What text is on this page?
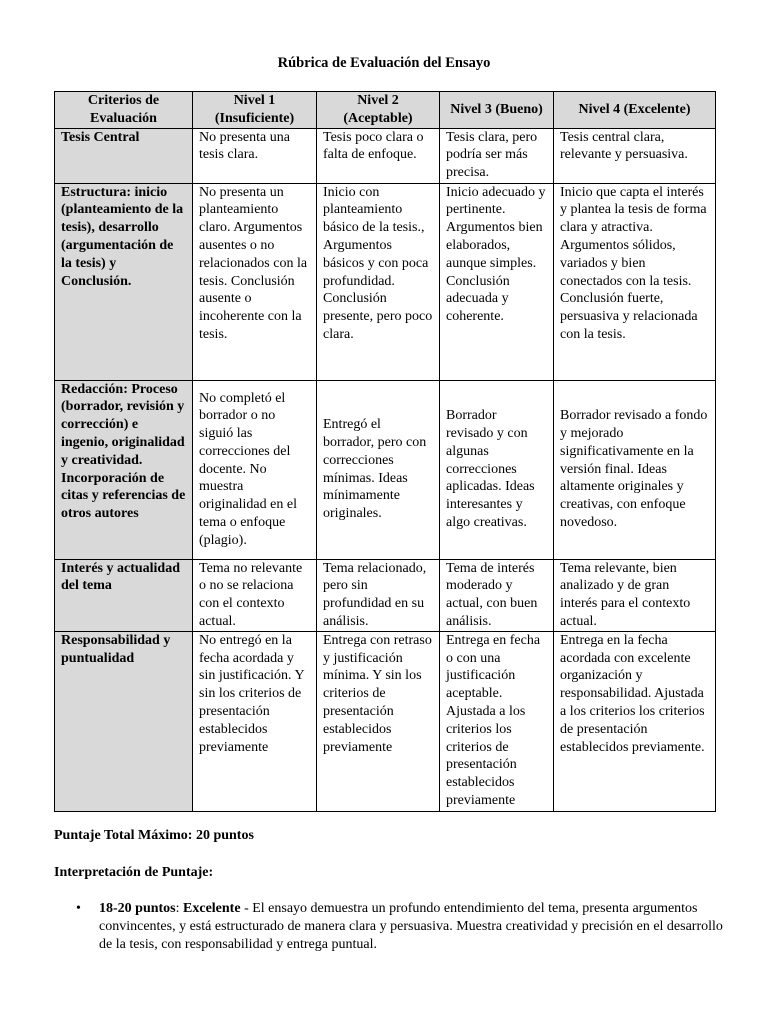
Rúbrica de Evaluación del Ensayo
Criterios de Evaluación	Nivel 1 (Insuficiente)	Nivel 2 (Aceptable)	Nivel 3 (Bueno)	Nivel 4 (Excelente)
Tesis Central	No presenta una tesis clara.	Tesis poco clara o falta de enfoque.	Tesis clara, pero podría ser más precisa.	Tesis central clara, relevante y persuasiva.
Estructura: inicio (planteamiento de la tesis), desarrollo (argumentación de la tesis) y Conclusión.	No presenta un planteamiento claro. Argumentos ausentes o no relacionados con la tesis. Conclusión ausente o incoherente con la tesis.	Inicio con planteamiento básico de la tesis., Argumentos básicos y con poca profundidad. Conclusión presente, pero poco clara.	Inicio adecuado y pertinente. Argumentos bien elaborados, aunque simples. Conclusión adecuada y coherente.	Inicio que capta el interés y plantea la tesis de forma clara y atractiva. Argumentos sólidos, variados y bien conectados con la tesis. Conclusión fuerte, persuasiva y relacionada con la tesis.
Redacción: Proceso (borrador, revisión y corrección) e ingenio, originalidad y creatividad. Incorporación de citas y referencias de otros autores	No completó el borrador o no siguió las correcciones del docente. No muestra originalidad en el tema o enfoque (plagio).	Entregó el borrador, pero con correcciones mínimas. Ideas mínimamente originales.	Borrador revisado y con algunas correcciones aplicadas. Ideas interesantes y algo creativas.	Borrador revisado a fondo y mejorado significativamente en la versión final. Ideas altamente originales y creativas, con enfoque novedoso.
Interés y actualidad del tema	Tema no relevante o no se relaciona con el contexto actual.	Tema relacionado, pero sin profundidad en su análisis.	Tema de interés moderado y actual, con buen análisis.	Tema relevante, bien analizado y de gran interés para el contexto actual.
Responsabilidad y puntualidad	No entregó en la fecha acordada y sin justificación. Y sin los criterios de presentación establecidos previamente	Entrega con retraso y justificación mínima. Y sin los criterios de presentación establecidos previamente	Entrega en fecha o con una justificación aceptable. Ajustada a los criterios los criterios de presentación establecidos previamente	Entrega en la fecha acordada con excelente organización y responsabilidad. Ajustada a los criterios los criterios de presentación establecidos previamente.
Puntaje Total Máximo: 20 puntos
Interpretación de Puntaje:
• 18-20 puntos: Excelente - El ensayo demuestra un profundo entendimiento del tema, presenta argumentos convincentes, y está estructurado de manera clara y persuasiva. Muestra creatividad y precisión en el desarrollo de la tesis, con responsabilidad y entrega puntual.
